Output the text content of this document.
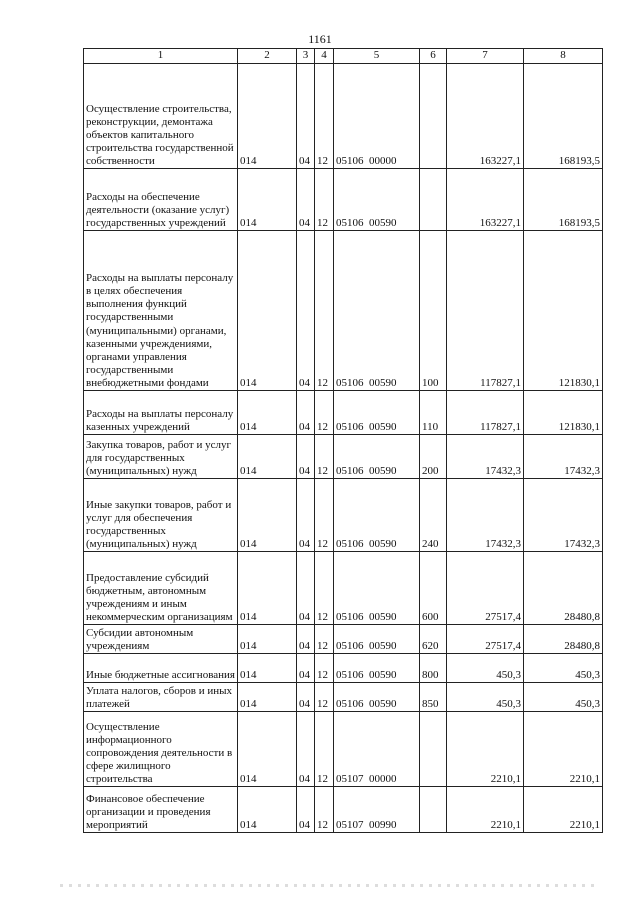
1161
1	2	3	4	5	6	7	8
Осуществление строительства, реконструкции, демонтажа объектов капитального строительства государственной собственности	014	04	12	05106  00000		163227,1	168193,5
Расходы на обеспечение деятельности (оказание услуг) государственных учреждений	014	04	12	05106  00590		163227,1	168193,5
Расходы на выплаты персоналу в целях обеспечения выполнения функций государственными (муниципальными) органами, казенными учреждениями, органами управления государственными внебюджетными фондами	014	04	12	05106  00590	100	117827,1	121830,1
Расходы на выплаты персоналу казенных учреждений	014	04	12	05106  00590	110	117827,1	121830,1
Закупка товаров, работ и услуг для государственных (муниципальных) нужд	014	04	12	05106  00590	200	17432,3	17432,3
Иные закупки товаров, работ и услуг для обеспечения государственных (муниципальных) нужд	014	04	12	05106  00590	240	17432,3	17432,3
Предоставление субсидий бюджетным, автономным учреждениям и иным некоммерческим организациям	014	04	12	05106  00590	600	27517,4	28480,8
Субсидии автономным учреждениям	014	04	12	05106  00590	620	27517,4	28480,8
Иные бюджетные ассигнования	014	04	12	05106  00590	800	450,3	450,3
Уплата налогов, сборов и иных платежей	014	04	12	05106  00590	850	450,3	450,3
Осуществление информационного сопровождения деятельности в сфере жилищного строительства	014	04	12	05107  00000		2210,1	2210,1
Финансовое обеспечение организации и проведения мероприятий	014	04	12	05107  00990		2210,1	2210,1
